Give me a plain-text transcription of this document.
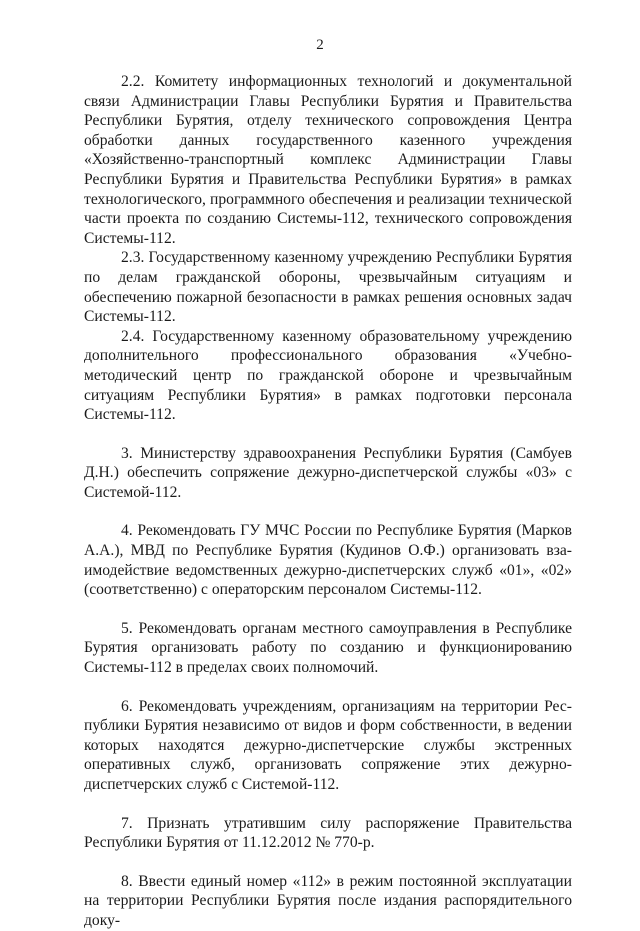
2

2.2. Комитету информационных технологий и документальной связи Администрации Главы Республики Бурятия и Правительства Республики Бурятия, отделу технического сопровождения Центра обработки данных государственного казенного учреждения «Хозяйственно-транспортный комплекс Администрации Главы Республики Бурятия и Правительства Республики Бурятия» в рамках технологического, программного обеспечения и реализации технической части проекта по созданию Системы-112, технического сопровождения Системы-112.

2.3. Государственному казенному учреждению Республики Бурятия по делам гражданской обороны, чрезвычайным ситуациям и обеспечению пожарной безопасности в рамках решения основных задач Системы-112.

2.4. Государственному казенному образовательному учреждению дополнительного профессионального образования «Учебно-методический центр по гражданской обороне и чрезвычайным ситуациям Республики Бурятия» в рамках подготовки персонала Системы-112.

3. Министерству здравоохранения Республики Бурятия (Самбуев Д.Н.) обеспечить сопряжение дежурно-диспетчерской службы «03» с Системой-112.

4. Рекомендовать ГУ МЧС России по Республике Бурятия (Марков А.А.), МВД по Республике Бурятия (Кудинов О.Ф.) организовать взаимодействие ведомственных дежурно-диспетчерских служб «01», «02» (соответственно) с операторским персоналом Системы-112.

5. Рекомендовать органам местного самоуправления в Республике Бурятия организовать работу по созданию и функционированию Системы-112 в пределах своих полномочий.

6. Рекомендовать учреждениям, организациям на территории Республики Бурятия независимо от видов и форм собственности, в ведении которых находятся дежурно-диспетчерские службы экстренных оперативных служб, организовать сопряжение этих дежурно-диспетчерских служб с Системой-112.

7. Признать утратившим силу распоряжение Правительства Республики Бурятия от 11.12.2012 № 770-р.

8. Ввести единый номер «112» в режим постоянной эксплуатации на территории Республики Бурятия после издания распорядительного доку-
